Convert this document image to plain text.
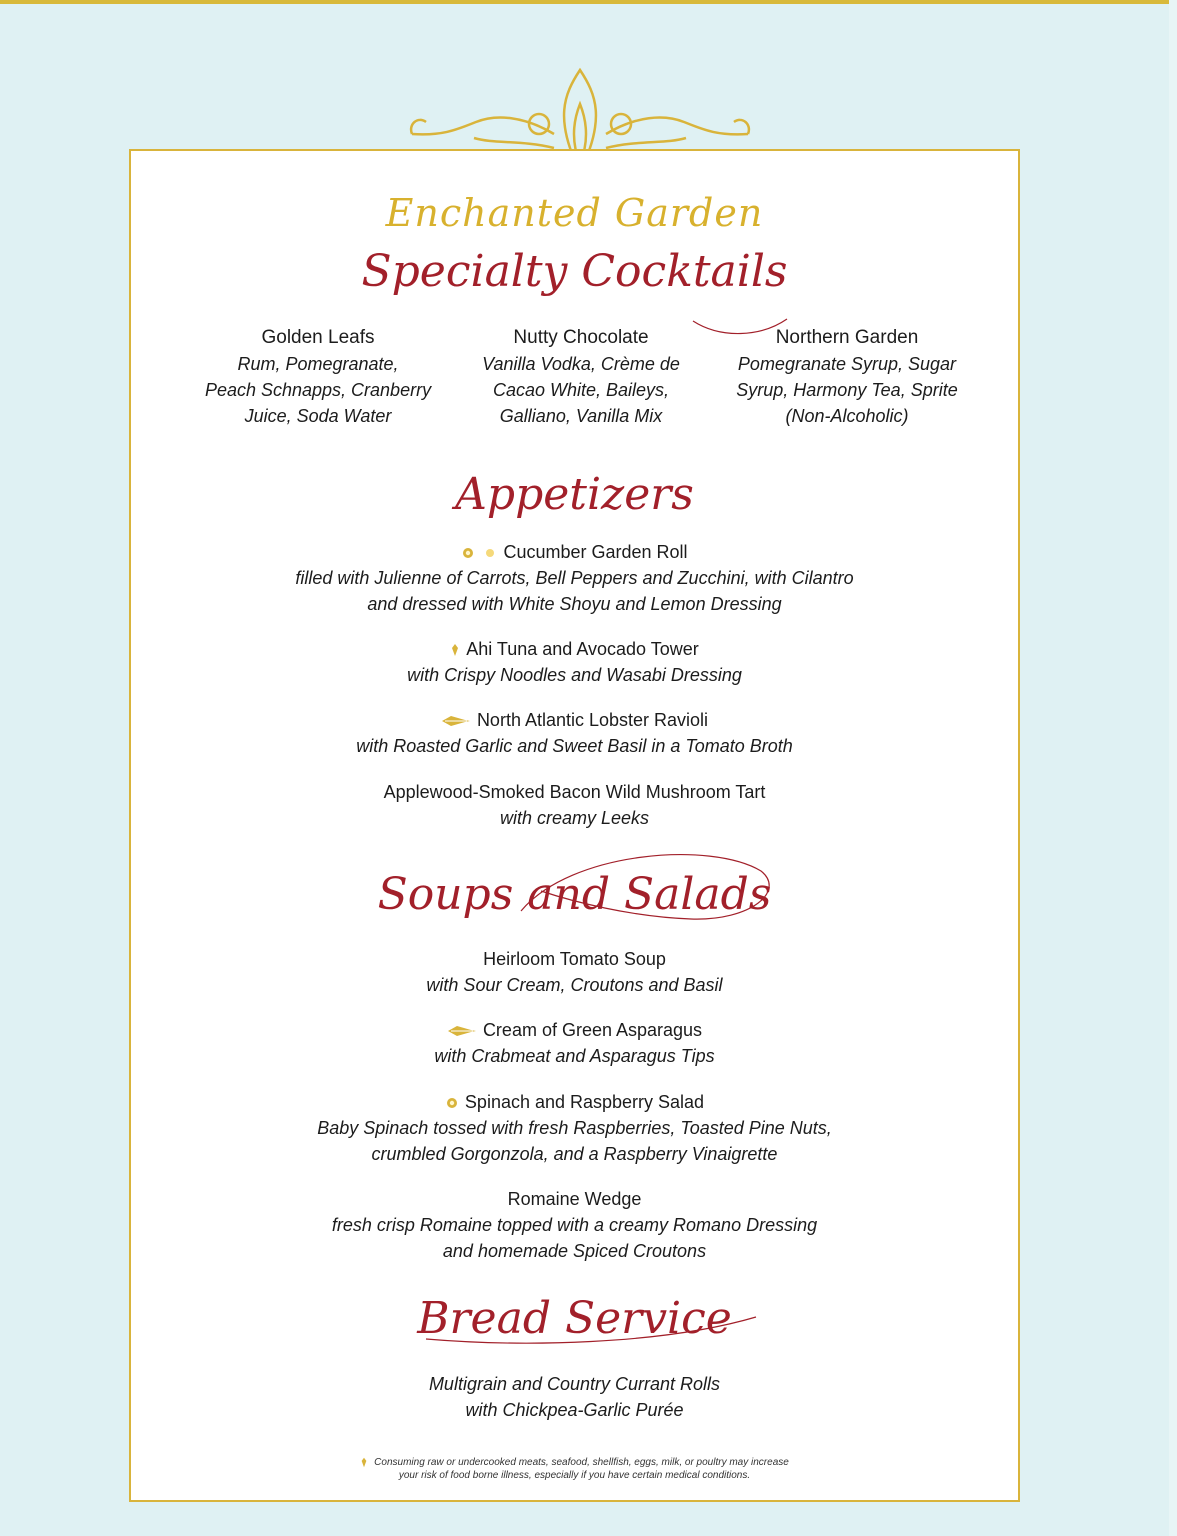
Enchanted Garden
Specialty Cocktails
Golden Leafs
Rum, Pomegranate,
Peach Schnapps, Cranberry
Juice, Soda Water
Nutty Chocolate
Vanilla Vodka, Crème de
Cacao White, Baileys,
Galliano, Vanilla Mix
Northern Garden
Pomegranate Syrup, Sugar
Syrup, Harmony Tea, Sprite
(Non-Alcoholic)
Appetizers
Cucumber Garden Roll
filled with Julienne of Carrots, Bell Peppers and Zucchini, with Cilantro
and dressed with White Shoyu and Lemon Dressing
Ahi Tuna and Avocado Tower
with Crispy Noodles and Wasabi Dressing
North Atlantic Lobster Ravioli
with Roasted Garlic and Sweet Basil in a Tomato Broth
Applewood-Smoked Bacon Wild Mushroom Tart
with creamy Leeks
Soups and Salads
Heirloom Tomato Soup
with Sour Cream, Croutons and Basil
Cream of Green Asparagus
with Crabmeat and Asparagus Tips
Spinach and Raspberry Salad
Baby Spinach tossed with fresh Raspberries, Toasted Pine Nuts,
crumbled Gorgonzola, and a Raspberry Vinaigrette
Romaine Wedge
fresh crisp Romaine topped with a creamy Romano Dressing
and homemade Spiced Croutons
Bread Service
Multigrain and Country Currant Rolls
with Chickpea-Garlic Purée
Consuming raw or undercooked meats, seafood, shellfish, eggs, milk, or poultry may increase
your risk of food borne illness, especially if you have certain medical conditions.
